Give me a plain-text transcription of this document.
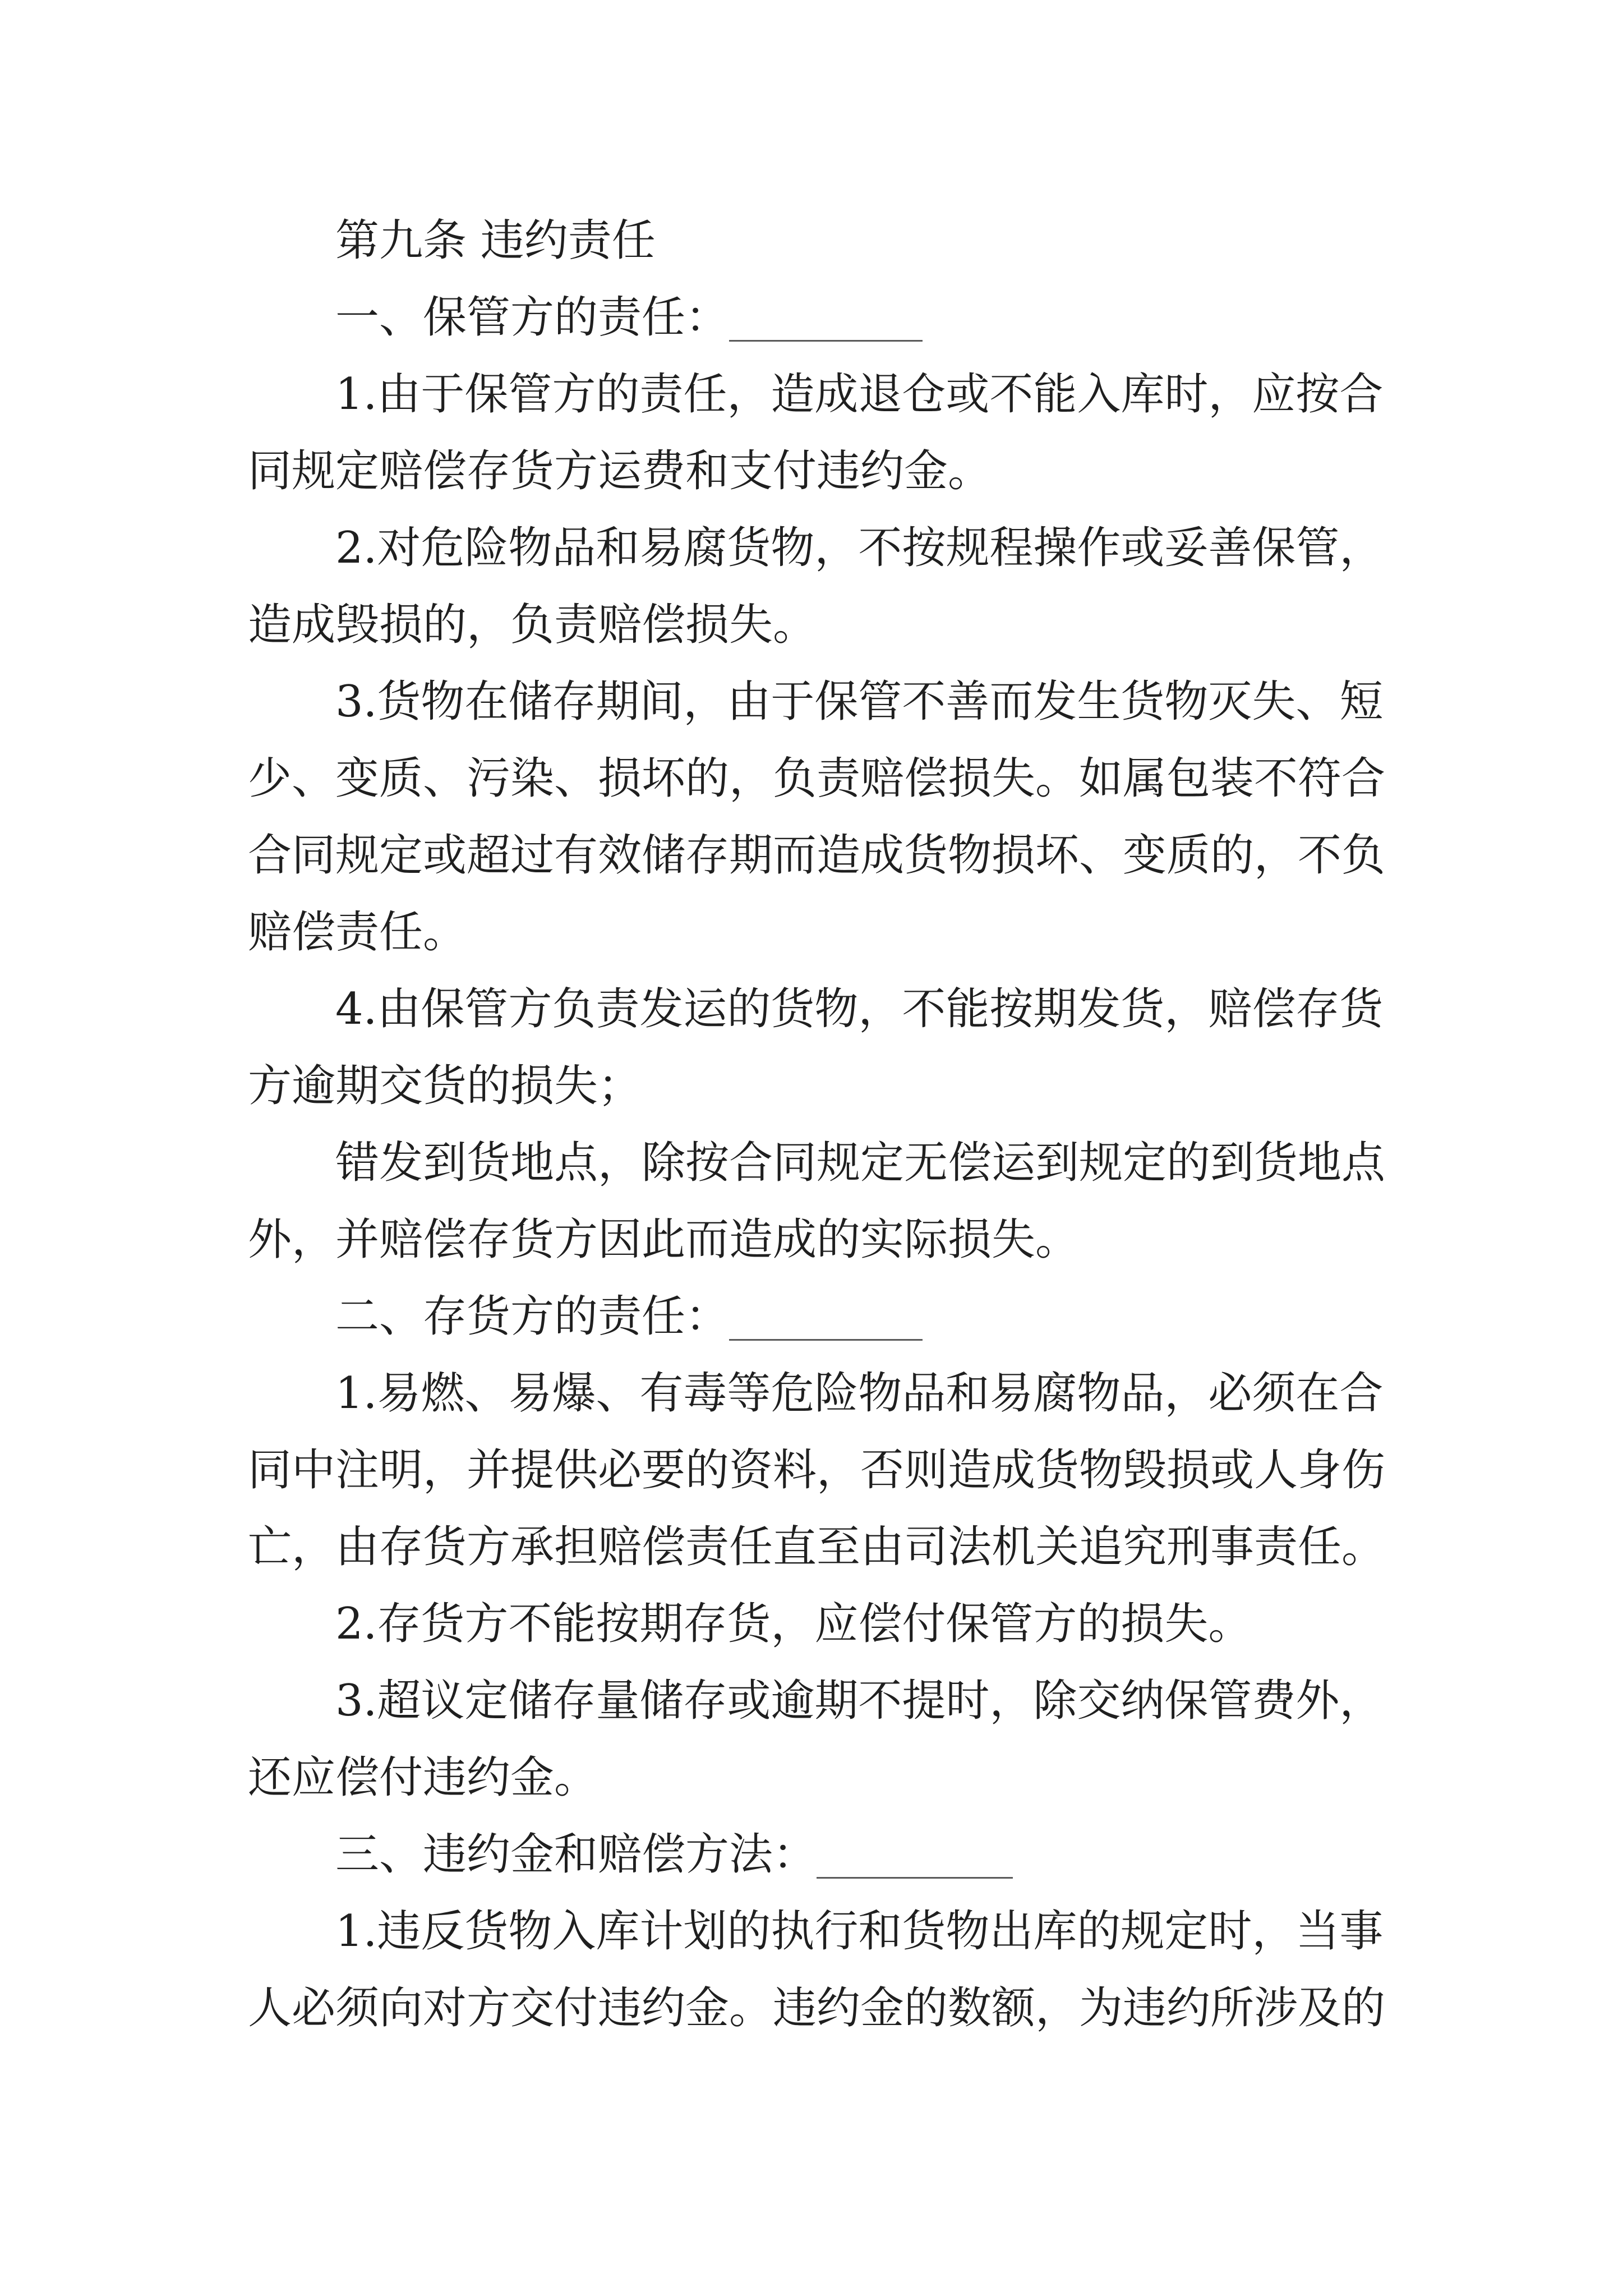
第九条 违约责任
一、保管方的责任：
1.由于保管方的责任，造成退仓或不能入库时，应按合
同规定赔偿存货方运费和支付违约金。
2.对危险物品和易腐货物，不按规程操作或妥善保管，
造成毁损的，负责赔偿损失。
3.货物在储存期间，由于保管不善而发生货物灭失、短
少、变质、污染、损坏的，负责赔偿损失。如属包装不符合
合同规定或超过有效储存期而造成货物损坏、变质的，不负
赔偿责任。
4.由保管方负责发运的货物，不能按期发货，赔偿存货
方逾期交货的损失；
错发到货地点，除按合同规定无偿运到规定的到货地点
外，并赔偿存货方因此而造成的实际损失。
二、存货方的责任：
1.易燃、易爆、有毒等危险物品和易腐物品，必须在合
同中注明，并提供必要的资料，否则造成货物毁损或人身伤
亡，由存货方承担赔偿责任直至由司法机关追究刑事责任。
2.存货方不能按期存货，应偿付保管方的损失。
3.超议定储存量储存或逾期不提时，除交纳保管费外，
还应偿付违约金。
三、违约金和赔偿方法：
1.违反货物入库计划的执行和货物出库的规定时，当事
人必须向对方交付违约金。违约金的数额，为违约所涉及的
